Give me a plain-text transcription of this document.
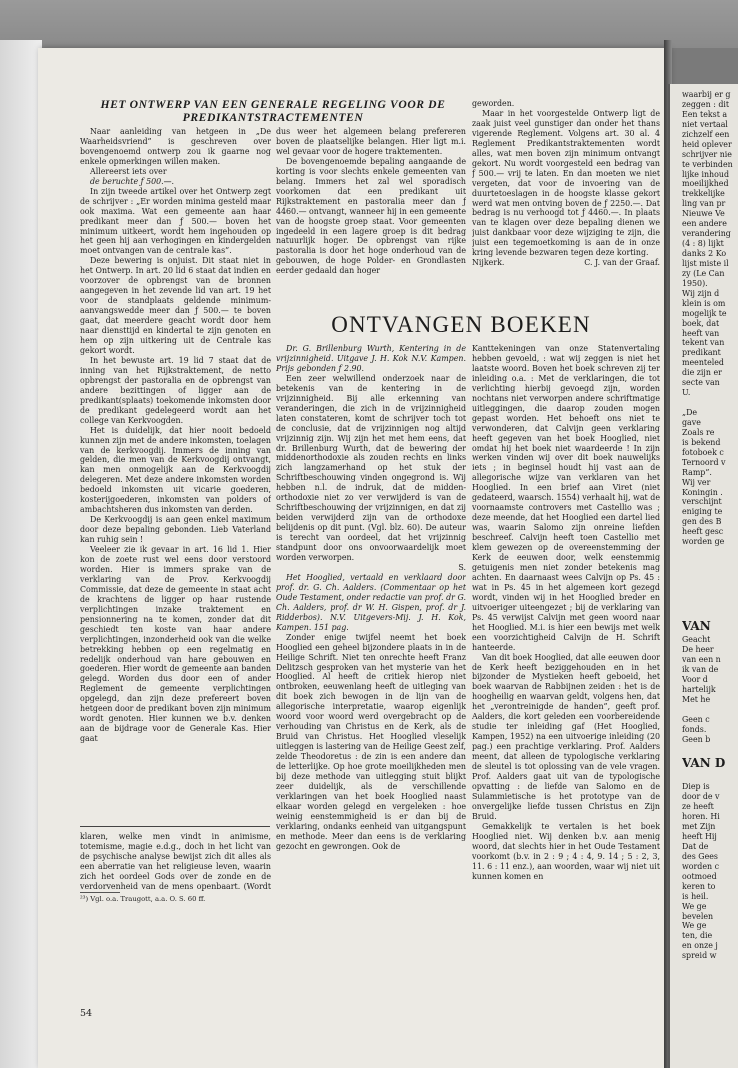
HET ONTWERP VAN EEN GENERALE REGELING VOOR DE PREDIKANTSTRACTEMENTEN

Naar aanleiding van hetgeen in „De Waarheidsvriend” is geschreven over bovengenoemd ontwerp zou ik gaarne nog enkele opmerkingen willen maken.

Allereerst iets over

de beruchte ƒ 500.—.

In zijn tweede artikel over het Ontwerp zegt de schrijver : „Er worden minima gesteld maar ook maxima. Wat een gemeente aan haar predikant meer dan ƒ 500.— boven het minimum uitkeert, wordt hem ingehouden op het geen hij aan verhogingen en kindergelden moet ontvangen van de centrale kas”.

Deze bewering is onjuist. Dit staat niet in het Ontwerp. In art. 20 lid 6 staat dat indien en voorzover de opbrengst van de bronnen aangegeven in het zevende lid van art. 19 het voor de standplaats geldende minimum-aanvangswedde meer dan ƒ 500.— te boven gaat, dat meerdere geacht wordt door hem naar diensttijd en kindertal te zijn genoten en hem op zijn uitkering uit de Centrale kas gekort wordt.

In het bewuste art. 19 lid 7 staat dat de inning van het Rijkstraktement, de netto opbrengst der pastoralia en de opbrengst van andere bezittingen of ligger aan de predikant(splaats) toekomende inkomsten door de predikant gedelegeerd wordt aan het college van Kerkvoogden.

Het is duidelijk, dat hier nooit bedoeld kunnen zijn met de andere inkomsten, toelagen van de kerkvoogdij. Immers de inning van gelden, die men van de Kerkvoogdij ontvangt, kan men onmogelijk aan de Kerkvoogdij delegeren. Met deze andere inkomsten worden bedoeld inkomsten uit vicarie goederen, kosterijgoederen, inkomsten van polders of ambachtsheren dus inkomsten van derden.

De Kerkvoogdij is aan geen enkel maximum door deze bepaling gebonden. Lieb Vaterland kan ruhig sein !

Veeleer zie ik gevaar in art. 16 lid 1. Hier kon de zoete rust wel eens door verstoord worden. Hier is immers sprake van de verklaring van de Prov. Kerkvoogdij Commissie, dat deze de gemeente in staat acht de krachtens de ligger op haar rustende verplichtingen inzake traktement en pensionnering na te komen, zonder dat dit geschiedt ten koste van haar andere verplichtingen, inzonderheid ook van die welke betrekking hebben op een regelmatig en redelijk onderhoud van hare gebouwen en goederen. Hier wordt de gemeente aan banden gelegd. Worden dus door een of ander Reglement de gemeente verplichtingen opgelegd, dan zijn deze prefereert boven hetgeen door de predikant boven zijn minimum wordt genoten. Hier kunnen we b.v. denken aan de bijdrage voor de Generale Kas. Hier gaat

dus weer het algemeen belang prefereren boven de plaatselijke belangen. Hier ligt m.i. wel gevaar voor de hogere traktementen.

De bovengenoemde bepaling aangaande de korting is voor slechts enkele gemeenten van belang. Immers het zal wel sporadisch voorkomen dat een predikant uit Rijkstraktement en pastoralia meer dan ƒ 4460.— ontvangt, wanneer hij in een gemeente van de hoogste groep staat. Voor gemeenten ingedeeld in een lagere groep is dit bedrag natuurlijk hoger. De opbrengst van rijke pastoralia is door het hoge onderhoud van de gebouwen, de hoge Polder- en Grondlasten eerder gedaald dan hoger

geworden.

Maar in het voorgestelde Ontwerp ligt de zaak juist veel gunstiger dan onder het thans vigerende Reglement. Volgens art. 30 al. 4 Reglement Predikantstraktementen wordt alles, wat men boven zijn minimum ontvangt gekort. Nu wordt voorgesteld een bedrag van ƒ 500.— vrij te laten. En dan moeten we niet vergeten, dat voor de invoering van de duurtetoeslagen in de hoogste klasse gekort werd wat men ontving boven de ƒ 2250.—. Dat bedrag is nu verhoogd tot ƒ 4460.—. In plaats van te klagen over deze bepaling dienen we juist dankbaar voor deze wijziging te zijn, die juist een tegemoetkoming is aan de in onze kring levende bezwaren tegen deze korting.

Nijkerk.	C. J. van der Graaf.
ONTVANGEN BOEKEN

Dr. G. Brillenburg Wurth, Kentering in de vrijzinnigheid. Uitgave J. H. Kok N.V. Kampen. Prijs gebonden ƒ 2.90.

Een zeer welwillend onderzoek naar de betekenis van de kentering in de vrijzinnigheid. Bij alle erkenning van veranderingen, die zich in de vrijzinnigheid laten constateren, komt de schrijver toch tot de conclusie, dat de vrijzinnigen nog altijd vrijzinnig zijn. Wij zijn het met hem eens, dat dr. Brillenburg Wurth, dat de bewering der middenorthodoxie als zouden rechts en links zich langzamerhand op het stuk der Schriftbeschouwing vinden ongegrond is. Wij hebben n.l. de indruk, dat de midden-orthodoxie niet zo ver verwijderd is van de Schriftbeschouwing der vrijzinnigen, en dat zij beiden verwijderd zijn van de orthodoxe belijdenis op dit punt. (Vgl. blz. 60). De auteur is terecht van oordeel, dat het vrijzinnig standpunt door ons onvoorwaardelijk moet worden verworpen.

S.

Het Hooglied, vertaald en verklaard door prof. dr. G. Ch. Aalders. (Commentaar op het Oude Testament, onder redactie van prof. dr G. Ch. Aalders, prof. dr W. H. Gispen, prof. dr J. Ridderbos). N.V. Uitgevers-Mij. J. H. Kok, Kampen. 151 pag.

Zonder enige twijfel neemt het boek Hooglied een geheel bijzondere plaats in in de Heilige Schrift. Niet ten onrechte heeft Franz Delitzsch gesproken van het mysterie van het Hooglied. Al heeft de critiek hierop niet ontbroken, eeuwenlang heeft de uitleging van dit boek zich bewogen in de lijn van de allegorische interpretatie, waarop eigenlijk woord voor woord werd overgebracht op de verhouding van Christus en de Kerk, als de Bruid van Christus. Het Hooglied vleselijk uitleggen is lastering van de Heilige Geest zelf, zelde Theodoretus : de zin is een andere dan de letterlijke. Op hoe grote moeilijkheden men bij deze methode van uitlegging stuit blijkt zeer duidelijk, als de verschillende verklaringen van het boek Hooglied naast elkaar worden gelegd en vergeleken : hoe weinig eenstemmigheid is er dan bij de verklaring, ondanks eenheid van uitgangspunt en methode. Meer dan eens is de verklaring gezocht en gewrongen. Ook de

Kanttekeningen van onze Statenvertaling hebben gevoeld, : wat wij zeggen is niet het laatste woord. Boven het boek schreven zij ter inleiding o.a. : Met de verklaringen, die tot verlichting hierbij gevoegd zijn, worden nochtans niet verworpen andere schriftmatige uitleggingen, die daarop zouden mogen gepast worden. Het behoeft ons niet te verwonderen, dat Calvijn geen verklaring heeft gegeven van het boek Hooglied, niet omdat hij het boek niet waardeerde ! In zijn werken vinden wij over dit boek nauwelijks iets ; in beginsel houdt hij vast aan de allegorische wijze van verklaren van het Hooglied. In een brief aan Viret (niet gedateerd, waarsch. 1554) verhaalt hij, wat de voornaamste controvers met Castellio was ; deze meende, dat het Hooglied een dartel lied was, waarin Salomo zijn onreine liefden beschreef. Calvijn heeft toen Castellio met klem gewezen op de overeenstemming der Kerk de eeuwen door, welk eenstemmig getuigenis men niet zonder betekenis mag achten. En daarnaast wees Calvijn op Ps. 45 : wat in Ps. 45 in het algemeen kort gezegd wordt, vinden wij in het Hooglied breder en uitvoeriger uiteengezet ; bij de verklaring van Ps. 45 verwijst Calvijn met geen woord naar het Hooglied. M.i. is hier een bewijs met welk een voorzichtigheid Calvijn de H. Schrift hanteerde.

Van dit boek Hooglied, dat alle eeuwen door de Kerk heeft beziggehouden en in het bijzonder de Mystieken heeft geboeid, het boek waarvan de Rabbijnen zeiden : het is de hoogheilig en waarvan geldt, volgens hen, dat het „verontreinigde de handen”, geeft prof. Aalders, die kort geleden een voorbereidende studie ter inleiding gaf (Het Hooglied, Kampen, 1952) na een uitvoerige inleiding (20 pag.) een prachtige verklaring. Prof. Aalders meent, dat alleen de typologische verklaring de sleutel is tot oplossing van de vele vragen. Prof. Aalders gaat uit van de typologische opvatting : de liefde van Salomo en de Sulammietische is het prototype van de onvergelijke liefde tussen Christus en Zijn Bruid.

Gemakkelijk te vertalen is het boek Hooglied niet. Wij denken b.v. aan menig woord, dat slechts hier in het Oude Testament voorkomt (b.v. in 2 : 9 ; 4 : 4, 9. 14 ; 5 : 2, 3, 11. 6 : 11 enz.), aan woorden, waar wij niet uit kunnen komen en

klaren, welke men vindt in animisme, totemisme, magie e.d.g., doch in het licht van de psychische analyse bewijst zich dit alles als een aberratie van het religieuse leven, waarin zich het oordeel Gods over de zonde en de verdorvenheid van de mens openbaart. (Wordt

²³) Vgl. o.a. Traugott, a.a. O. S. 60 ff.
54
waarbij er g
zeggen : dit
Een tekst a
niet vertaal
zichzelf een
heid oplever
schrijver nie
te verbinden
lijke inhoud
moeilijkhed
trekkelijke
ling van pr
Nieuwe Ve
een andere
verandering
(4 : 8) lijkt
danks 2 Ko
lijst miste il
zy (Le Can
1950).
Wij zijn d
klein is om
mogelijk te
boek, dat
heeft van
tekent van
predikant
meenteled
die zijn er
secte van
U.

„De
gave
Zoals re
is bekend
fotoboek c
Ternoord v
Ramp”.
Wij ver
Koningin .
verschijnt
eniging te
gen des B
heeft gesc
worden ge
VAN
Geacht
De heer
van een n
ik van de
Voor d
hartelijk
Met he

Geen c
fonds.
Geen b

VAN D

Diep is
door de v
ze heeft
horen. Hi
met Zijn
heeft Hij
Dat de
des Gees
worden c
ootmoed
keren to
is heil.
We ge
bevelen
We ge
ten, die
en onze j
spreid w
